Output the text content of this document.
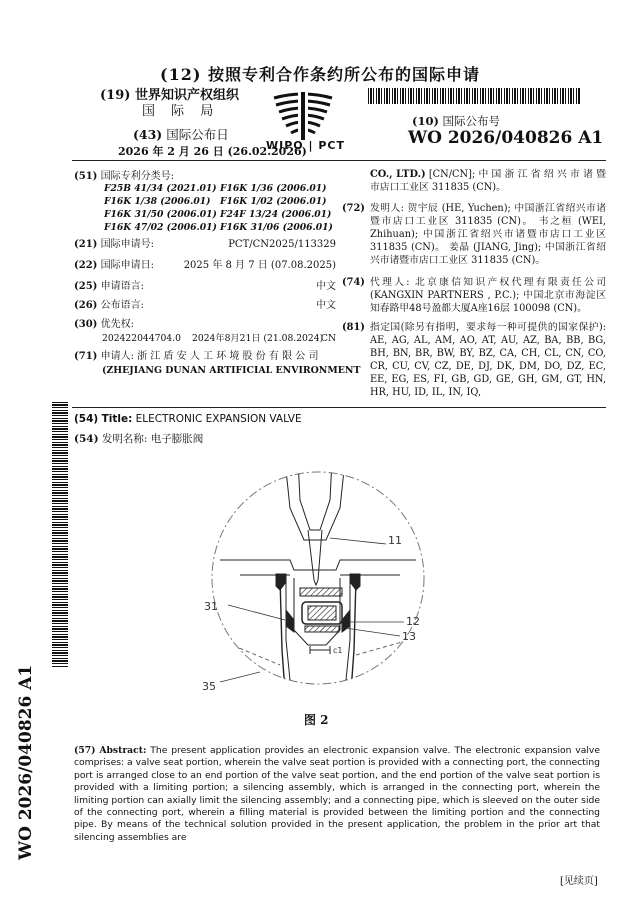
(12) 按照专利合作条约所公布的国际申请
(19) 世界知识产权组织
国 际 局
(43) 国际公布日
2026 年 2 月 26 日 (26.02.2026)
WIPO | PCT
(10) 国际公布号
WO 2026/040826 A1
(51) 国际专利分类号:
F25B 41/34 (2021.01) F16K 1/36 (2006.01)
F16K 1/38 (2006.01) F16K 1/02 (2006.01)
F16K 31/50 (2006.01) F24F 13/24 (2006.01)
F16K 47/02 (2006.01) F16K 31/06 (2006.01)
(21) 国际申请号:	PCT/CN2025/113329
(22) 国际申请日:	2025 年 8 月 7 日 (07.08.2025)
(25) 申请语言:	中文
(26) 公布语言:	中文
(30) 优先权:
202422044704.0 2024年8月21日 (21.08.2024)
CN
(71) 申请人: 浙 江 盾 安 人 工 环 境 股 份 有 限 公 司
(ZHEJIANG DUNAN ARTIFICIAL ENVIRONMENT
CO., LTD.) [CN/CN]; 中 国 浙 江 省 绍 兴 市 诸 暨 市店口工业区 311835 (CN)。
(72) 发明人: 贺宇辰 (HE, Yuchen); 中国浙江省绍兴市诸暨市店口工业区 311835 (CN)。 韦之桓 (WEI, Zhihuan); 中国浙江省绍兴市诸暨市店口工业区 311835 (CN)。 姜晶 (JIANG, Jing); 中国浙江省绍兴市诸暨市店口工业区 311835 (CN)。
(74) 代理人: 北京康信知识产权代理有限责任公司 (KANGXIN PARTNERS , P.C.); 中国北京市海淀区知春路甲48号盈都大厦A座16层 100098 (CN)。
(81) 指定国(除另有指明，要求每一种可提供的国家保护): AE, AG, AL, AM, AO, AT, AU, AZ, BA, BB, BG, BH, BN, BR, BW, BY, BZ, CA, CH, CL, CN, CO, CR, CU, CV, CZ, DE, DJ, DK, DM, DO, DZ, EC, EE, EG, ES, FI, GB, GD, GE, GH, GM, GT, HN, HR, HU, ID, IL, IN, IQ,
WO 2026/040826 A1
(54) Title: ELECTRONIC EXPANSION VALVE
(54) 发明名称: 电子膨胀阀
11
31
12
13
c1
35
图 2
(57) Abstract: The present application provides an electronic expansion valve. The electronic expansion valve comprises: a valve seat portion, wherein the valve seat portion is provided with a connecting port, the connecting port is arranged close to an end portion of the valve seat portion, and the end portion of the valve seat portion is provided with a limiting portion; a silencing assembly, which is arranged in the connecting port, wherein the limiting portion can axially limit the silencing assembly; and a connecting pipe, which is sleeved on the outer side of the connecting port, wherein a filling material is provided between the limiting portion and the connecting pipe. By means of the technical solution provided in the present application, the problem in the prior art that silencing assemblies are
[见续页]
